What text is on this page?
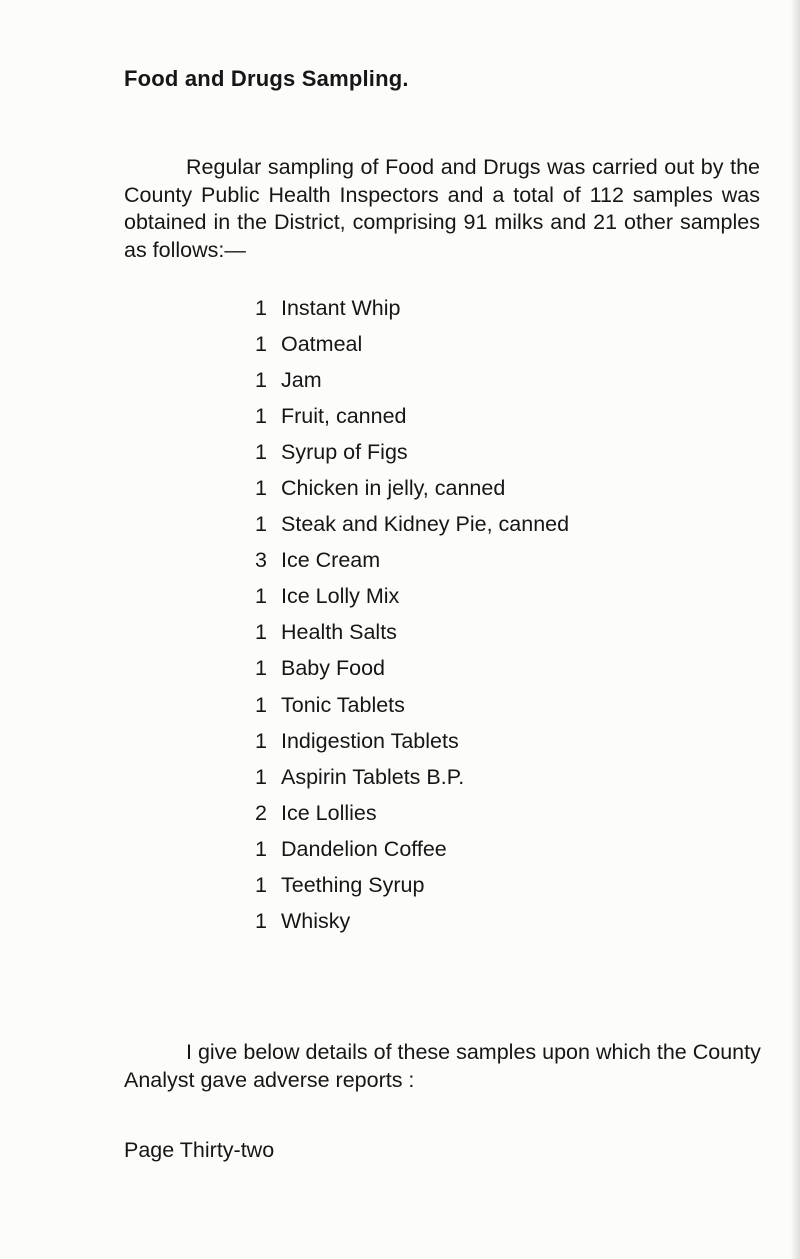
Food and Drugs Sampling.

Regular sampling of Food and Drugs was carried out by the County Public Health Inspectors and a total of 112 samples was obtained in the District, comprising 91 milks and 21 other samples as follows:—

1 Instant Whip
1 Oatmeal
1 Jam
1 Fruit, canned
1 Syrup of Figs
1 Chicken in jelly, canned
1 Steak and Kidney Pie, canned
3 Ice Cream
1 Ice Lolly Mix
1 Health Salts
1 Baby Food
1 Tonic Tablets
1 Indigestion Tablets
1 Aspirin Tablets B.P.
2 Ice Lollies
1 Dandelion Coffee
1 Teething Syrup
1 Whisky

I give below details of these samples upon which the County Analyst gave adverse reports :

Page Thirty-two
